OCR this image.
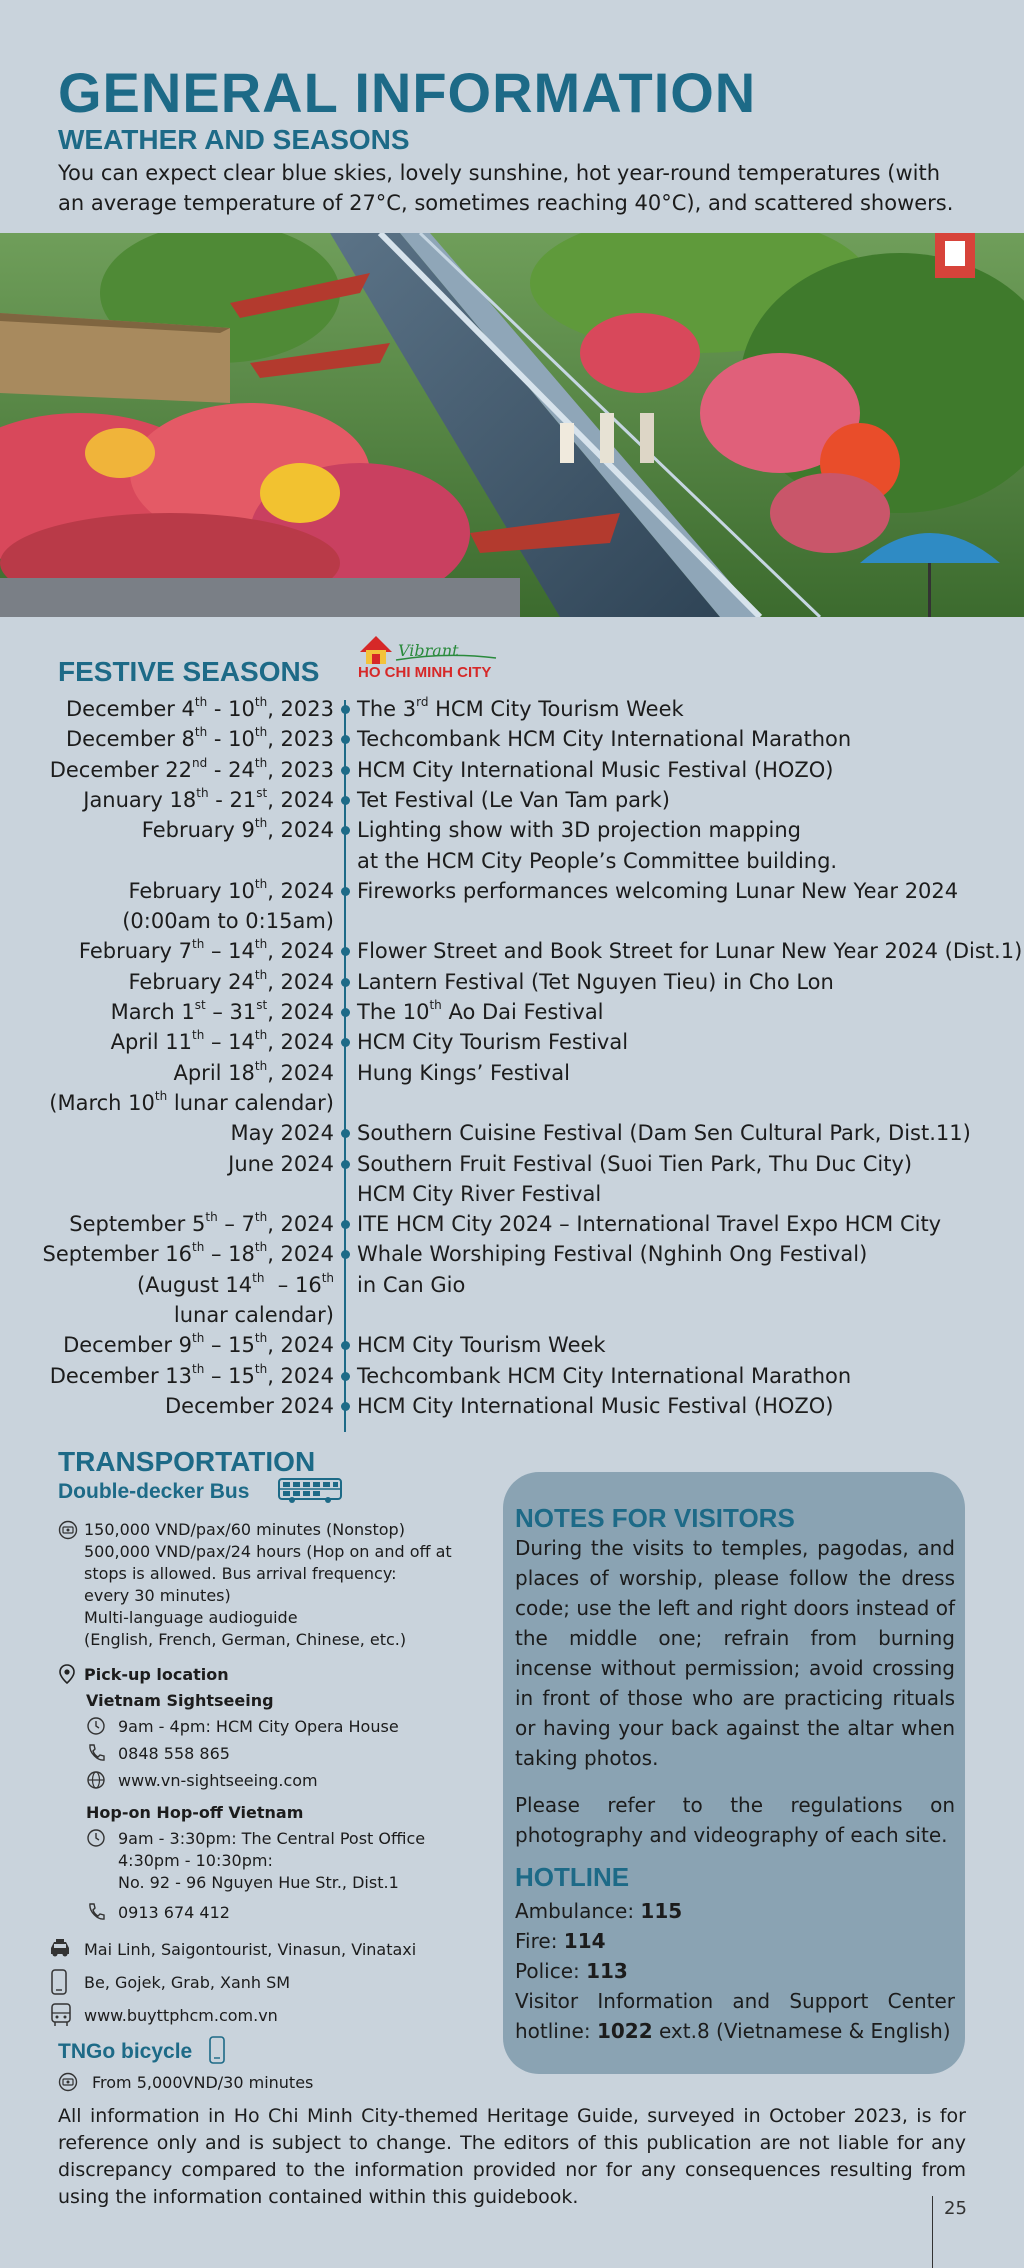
GENERAL INFORMATION
WEATHER AND SEASONS
You can expect clear blue skies, lovely sunshine, hot year-round temperatures (with an average temperature of 27°C, sometimes reaching 40°C), and scattered showers.
FESTIVE SEASONS
Vibrant
HO CHI MINH CITY
December 4th - 10th, 2023 The 3rd HCM City Tourism Week
December 8th - 10th, 2023 Techcombank HCM City International Marathon
December 22nd - 24th, 2023 HCM City International Music Festival (HOZO)
January 18th - 21st, 2024 Tet Festival (Le Van Tam park)
February 9th, 2024 Lighting show with 3D projection mapping
at the HCM City People’s Committee building.
February 10th, 2024 Fireworks performances welcoming Lunar New Year 2024
(0:00am to 0:15am)
February 7th – 14th, 2024 Flower Street and Book Street for Lunar New Year 2024 (Dist.1)
February 24th, 2024 Lantern Festival (Tet Nguyen Tieu) in Cho Lon
March 1st – 31st, 2024 The 10th Ao Dai Festival
April 11th – 14th, 2024 HCM City Tourism Festival
April 18th, 2024 Hung Kings’ Festival
(March 10th lunar calendar)
May 2024 Southern Cuisine Festival (Dam Sen Cultural Park, Dist.11)
June 2024 Southern Fruit Festival (Suoi Tien Park, Thu Duc City)
HCM City River Festival
September 5th – 7th, 2024 ITE HCM City 2024 – International Travel Expo HCM City
September 16th – 18th, 2024 Whale Worshiping Festival (Nghinh Ong Festival)
(August 14th  – 16th in Can Gio
lunar calendar)
December 9th – 15th, 2024 HCM City Tourism Week
December 13th – 15th, 2024 Techcombank HCM City International Marathon
December 2024 HCM City International Music Festival (HOZO)
TRANSPORTATION
Double-decker Bus
150,000 VND/pax/60 minutes (Nonstop)
500,000 VND/pax/24 hours (Hop on and off at
stops is allowed. Bus arrival frequency:
every 30 minutes)
Multi-language audioguide
(English, French, German, Chinese, etc.)
Pick-up location
Vietnam Sightseeing
9am - 4pm: HCM City Opera House
0848 558 865
www.vn-sightseeing.com
Hop-on Hop-off Vietnam
9am - 3:30pm: The Central Post Office
4:30pm - 10:30pm:
No. 92 - 96 Nguyen Hue Str., Dist.1
0913 674 412
Mai Linh, Saigontourist, Vinasun, Vinataxi
Be, Gojek, Grab, Xanh SM
www.buyttphcm.com.vn
TNGo bicycle
From 5,000VND/30 minutes
NOTES FOR VISITORS
During the visits to temples, pagodas, and places of worship, please follow the dress code; use the left and right doors instead of the middle one; refrain from burning incense without permission; avoid crossing in front of those who are practicing rituals or having your back against the altar when taking photos.
Please refer to the regulations on photography and videography of each site.
HOTLINE
Ambulance: 115
Fire: 114
Police: 113
Visitor Information and Support Center
hotline: 1022 ext.8 (Vietnamese & English)
All information in Ho Chi Minh City-themed Heritage Guide, surveyed in October 2023, is for reference only and is subject to change. The editors of this publication are not liable for any discrepancy compared to the information provided nor for any consequences resulting from using the information contained within this guidebook.
25
